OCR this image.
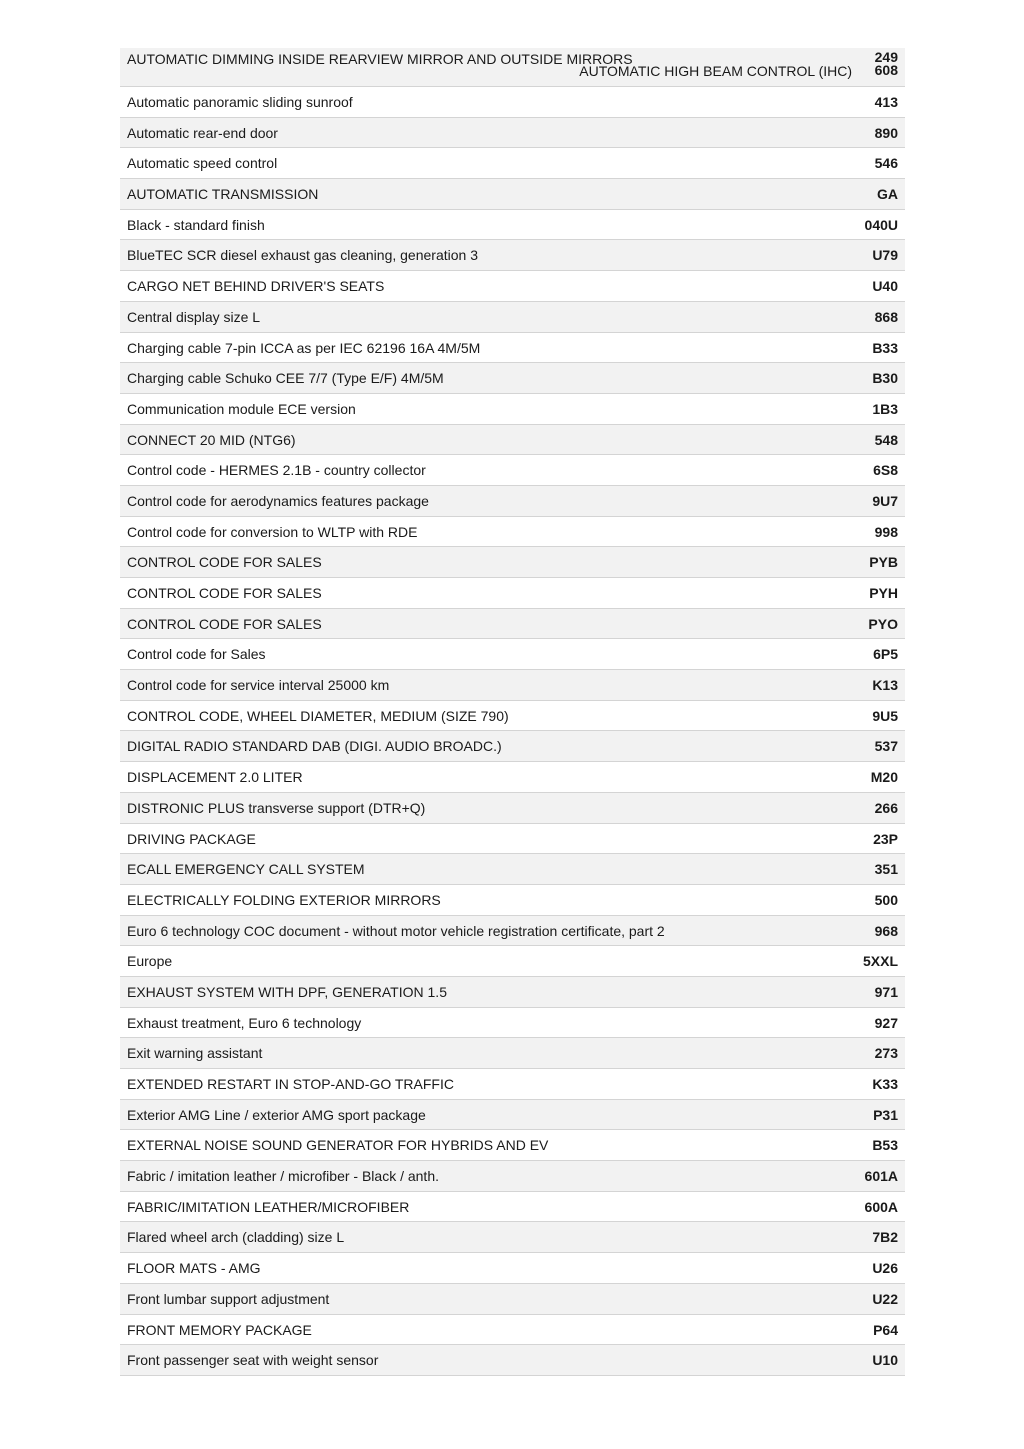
AUTOMATIC DIMMING INSIDE REARVIEW MIRROR AND OUTSIDE MIRRORS	249
AUTOMATIC HIGH BEAM CONTROL (IHC) 608
Automatic panoramic sliding sunroof	413
Automatic rear-end door	890
Automatic speed control	546
AUTOMATIC TRANSMISSION	GA
Black - standard finish	040U
BlueTEC SCR diesel exhaust gas cleaning, generation 3	U79
CARGO NET BEHIND DRIVER'S SEATS	U40
Central display size L	868
Charging cable 7-pin ICCA as per IEC 62196 16A 4M/5M	B33
Charging cable Schuko CEE 7/7 (Type E/F) 4M/5M	B30
Communication module ECE version	1B3
CONNECT 20 MID (NTG6)	548
Control code - HERMES 2.1B - country collector	6S8
Control code for aerodynamics features package	9U7
Control code for conversion to WLTP with RDE	998
CONTROL CODE FOR SALES	PYB
CONTROL CODE FOR SALES	PYH
CONTROL CODE FOR SALES	PYO
Control code for Sales	6P5
Control code for service interval 25000 km	K13
CONTROL CODE, WHEEL DIAMETER, MEDIUM (SIZE 790)	9U5
DIGITAL RADIO STANDARD DAB (DIGI. AUDIO BROADC.)	537
DISPLACEMENT 2.0 LITER	M20
DISTRONIC PLUS transverse support (DTR+Q)	266
DRIVING PACKAGE	23P
ECALL EMERGENCY CALL SYSTEM	351
ELECTRICALLY FOLDING EXTERIOR MIRRORS	500
Euro 6 technology COC document - without motor vehicle registration certificate, part 2	968
Europe	5XXL
EXHAUST SYSTEM WITH DPF, GENERATION 1.5	971
Exhaust treatment, Euro 6 technology	927
Exit warning assistant	273
EXTENDED RESTART IN STOP-AND-GO TRAFFIC	K33
Exterior AMG Line / exterior AMG sport package	P31
EXTERNAL NOISE SOUND GENERATOR FOR HYBRIDS AND EV	B53
Fabric / imitation leather / microfiber - Black / anth.	601A
FABRIC/IMITATION LEATHER/MICROFIBER	600A
Flared wheel arch (cladding) size L	7B2
FLOOR MATS - AMG	U26
Front lumbar support adjustment	U22
FRONT MEMORY PACKAGE	P64
Front passenger seat with weight sensor	U10
